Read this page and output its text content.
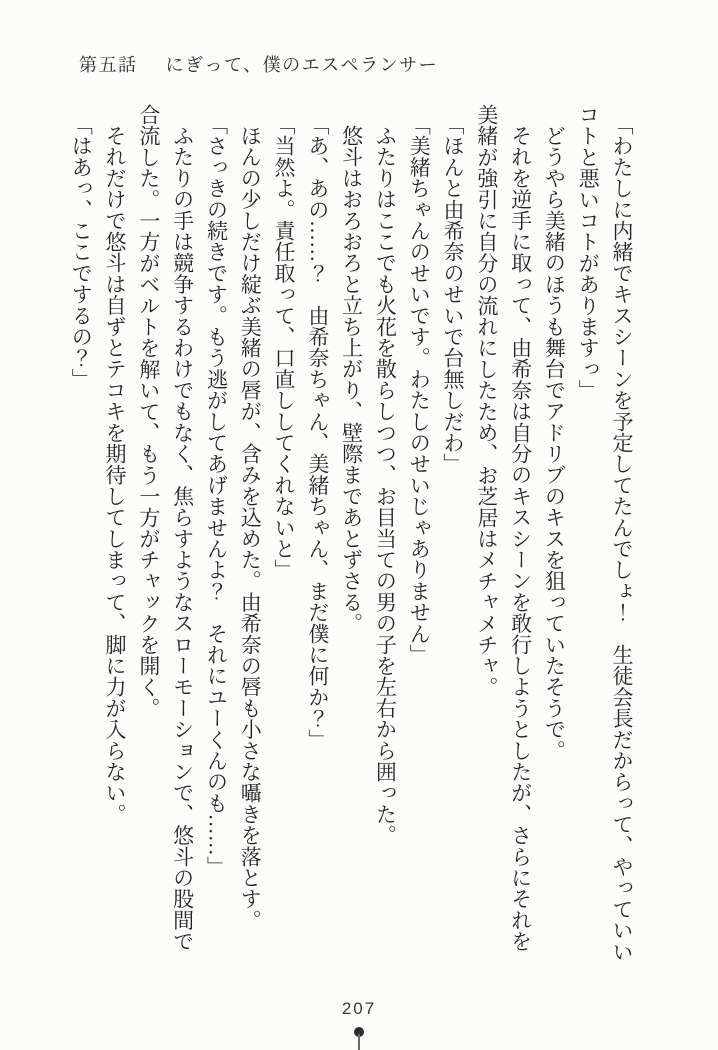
第五話 にぎって、僕のエスペランサー

「わたしに内緒でキスシーンを予定してたんでしょ！　生徒会長だからって、やっていい

コトと悪いコトがありますっ」

どうやら美緒のほうも舞台でアドリブのキスを狙っていたそうで。

それを逆手に取って、由希奈は自分のキスシーンを敢行しようとしたが、さらにそれを

美緒が強引に自分の流れにしたため、お芝居はメチャメチャ。

「ほんと由希奈のせいで台無しだわ」

「美緒ちゃんのせいです。わたしのせいじゃありません」

ふたりはここでも火花を散らしつつ、お目当ての男の子を左右から囲った。

悠斗はおろおろと立ち上がり、壁際まであとずさる。

「あ、あの……？　由希奈ちゃん、美緒ちゃん、まだ僕に何か？」

「当然よ。責任取って、口直ししてくれないと」

ほんの少しだけ綻ぶ美緒の唇が、含みを込めた。由希奈の唇も小さな囁きを落とす。

「さっきの続きです。もう逃がしてあげませんよ？　それにユーくんのも……」

ふたりの手は競争するわけでもなく、焦らすようなスローモーションで、悠斗の股間で

合流した。一方がベルトを解いて、もう一方がチャックを開く。

それだけで悠斗は自ずとテコキを期待してしまって、脚に力が入らない。

「はあっ、ここでするの？」

207
